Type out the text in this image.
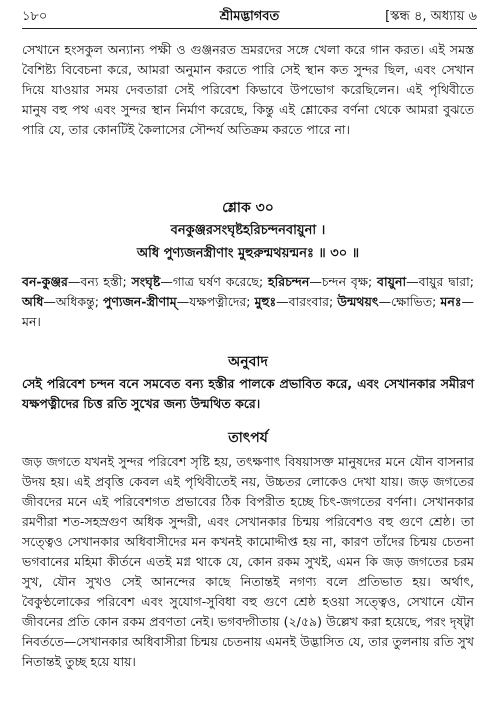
১৮০	শ্রীমদ্ভাগবত	[স্কন্ধ ৪, অধ্যায় ৬

সেখানে হংসকুল অন্যান্য পক্ষী ও গুঞ্জনরত ভ্রমরদের সঙ্গে খেলা করে গান করত। এই সমস্ত বৈশিষ্ট্য বিবেচনা করে, আমরা অনুমান করতে পারি সেই স্থান কত সুন্দর ছিল, এবং সেখান দিয়ে যাওয়ার সময় দেবতারা সেই পরিবেশ কিভাবে উপভোগ করেছিলেন। এই পৃথিবীতে মানুষ বহু পথ এবং সুন্দর স্থান নির্মাণ করেছে, কিন্তু এই শ্লোকের বর্ণনা থেকে আমরা বুঝতে পারি যে, তার কোনটিই কৈলাসের সৌন্দর্য অতিক্রম করতে পারে না।

শ্লোক ৩০

বনকুঞ্জরসংঘৃষ্টহরিচন্দনবায়ুনা ।

অধি পুণ্যজনস্ত্রীণাং মুহুরুন্মথয়ন্মনঃ ॥ ৩০ ॥

বন-কুঞ্জর—বন্য হস্তী; সংঘৃষ্ট—গাত্র ঘর্ষণ করেছে; হরিচন্দন—চন্দন বৃক্ষ; বায়ুনা—বায়ুর দ্বারা; অধি—অধিকন্তু; পুণ্যজন-স্ত্রীণাম্—যক্ষপত্নীদের; মুহুঃ—বারংবার; উন্মথয়ৎ—ক্ষোভিত; মনঃ—মন।

অনুবাদ

সেই পরিবেশ চন্দন বনে সমবেত বন্য হস্তীর পালকে প্রভাবিত করে, এবং সেখানকার সমীরণ যক্ষপত্নীদের চিত্ত রতি সুখের জন্য উন্মথিত করে।

তাৎপর্য

জড় জগতে যখনই সুন্দর পরিবেশ সৃষ্টি হয়, তৎক্ষণাৎ বিষয়াসক্ত মানুষদের মনে যৌন বাসনার উদয় হয়। এই প্রবৃত্তি কেবল এই পৃথিবীতেই নয়, উচ্চতর লোকেও দেখা যায়। জড় জগতের জীবদের মনে এই পরিবেশগত প্রভাবের ঠিক বিপরীত হচ্ছে চিৎ-জগতের বর্ণনা। সেখানকার রমণীরা শত-সহস্রগুণ অধিক সুন্দরী, এবং সেখানকার চিন্ময় পরিবেশও বহু গুণে শ্রেষ্ঠ। তা সত্ত্বেও সেখানকার অধিবাসীদের মন কখনই কামোদ্দীপ্ত হয় না, কারণ তাঁদের চিন্ময় চেতনা ভগবানের মহিমা কীর্তনে এতই মগ্ন থাকে যে, কোন রকম সুখই, এমন কি জড় জগতের চরম সুখ, যৌন সুখও সেই আনন্দের কাছে নিতান্তই নগণ্য বলে প্রতিভাত হয়। অর্থাৎ, বৈকুণ্ঠলোকের পরিবেশ এবং সুযোগ-সুবিধা বহু গুণে শ্রেষ্ঠ হওয়া সত্ত্বেও, সেখানে যৌন জীবনের প্রতি কোন রকম প্রবণতা নেই। ভগবদ্গীতায় (২/৫৯) উল্লেখ করা হয়েছে, পরং দৃষ্ট্বা নিবর্ততে—সেখানকার অধিবাসীরা চিন্ময় চেতনায় এমনই উদ্ভাসিত যে, তার তুলনায় রতি সুখ নিতান্তই তুচ্ছ হয়ে যায়।
